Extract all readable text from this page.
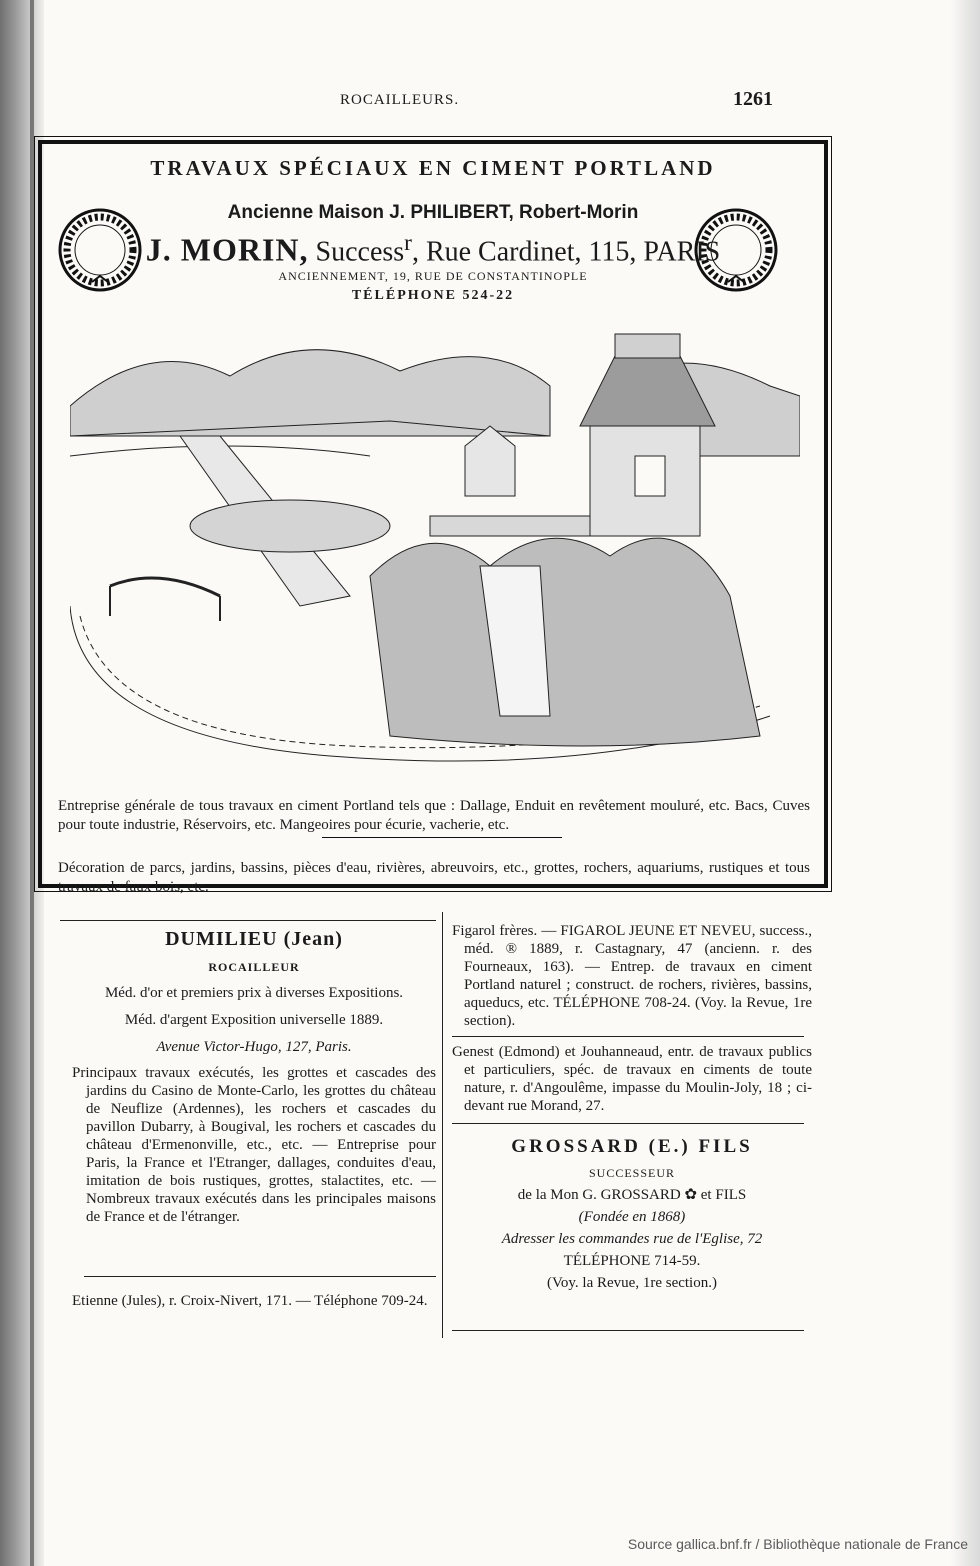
ROCAILLEURS.	1261
TRAVAUX SPÉCIAUX EN CIMENT PORTLAND
Ancienne Maison J. PHILIBERT, Robert-Morin
J. MORIN, Success$^r$, Rue Cardinet, 115, PARIS
ANCIENNEMENT, 19, RUE DE CONSTANTINOPLE
TÉLÉPHONE 524-22

Entreprise générale de tous travaux en ciment Portland tels que : Dallage, Enduit en revêtement mouluré, etc. Bacs, Cuves pour toute industrie, Réservoirs, etc. Mangeoires pour écurie, vacherie, etc.

Décoration de parcs, jardins, bassins, pièces d'eau, rivières, abreuvoirs, etc., grottes, rochers, aquariums, rustiques et tous travaux de faux bois, etc.

DUMILIEU (Jean)
ROCAILLEUR
Méd. d'or et premiers prix à diverses Expositions.
Méd. d'argent Exposition universelle 1889.
Avenue Victor-Hugo, 127, Paris.

Principaux travaux exécutés, les grottes et cascades des jardins du Casino de Monte-Carlo, les grottes du château de Neuflize (Ardennes), les rochers et cascades du pavillon Dubarry, à Bougival, les rochers et cascades du château d'Ermenonville, etc., etc. — Entreprise pour Paris, la France et l'Etranger, dallages, conduites d'eau, imitation de bois rustiques, grottes, stalactites, etc. — Nombreux travaux exécutés dans les principales maisons de France et de l'étranger.

Etienne (Jules), r. Croix-Nivert, 171. — Téléphone 709-24.

Figarol frères. — FIGAROL JEUNE ET NEVEU, success., méd. ® 1889, r. Castagnary, 47 (ancienn. r. des Fourneaux, 163). — Entrep. de travaux en ciment Portland naturel ; construct. de rochers, rivières, bassins, aqueducs, etc. TÉLÉPHONE 708-24. (Voy. la Revue, 1re section).

Genest (Edmond) et Jouhanneaud, entr. de travaux publics et particuliers, spéc. de travaux en ciments de toute nature, r. d'Angoulême, impasse du Moulin-Joly, 18 ; ci-devant rue Morand, 27.

GROSSARD (E.) FILS
SUCCESSEUR
de la Mon G. GROSSARD ✿ et FILS
(Fondée en 1868)
Adresser les commandes rue de l'Eglise, 72
TÉLÉPHONE 714-59.
(Voy. la Revue, 1re section.)
Source gallica.bnf.fr / Bibliothèque nationale de France
